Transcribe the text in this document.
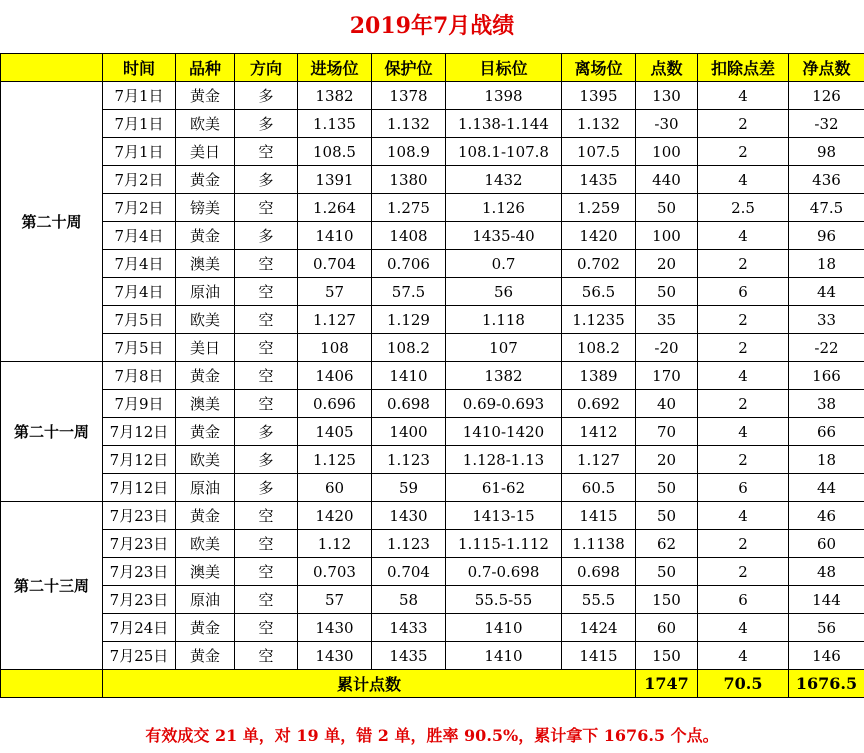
2019年7月战绩
	时间	品种	方向	进场位	保护位	目标位	离场位	点数	扣除点差	净点数
第二十周	7月1日	黄金	多	1382	1378	1398	1395	130	4	126
	7月1日	欧美	多	1.135	1.132	1.138-1.144	1.132	-30	2	-32
	7月1日	美日	空	108.5	108.9	108.1-107.8	107.5	100	2	98
	7月2日	黄金	多	1391	1380	1432	1435	440	4	436
	7月2日	镑美	空	1.264	1.275	1.126	1.259	50	2.5	47.5
	7月4日	黄金	多	1410	1408	1435-40	1420	100	4	96
	7月4日	澳美	空	0.704	0.706	0.7	0.702	20	2	18
	7月4日	原油	空	57	57.5	56	56.5	50	6	44
	7月5日	欧美	空	1.127	1.129	1.118	1.1235	35	2	33
	7月5日	美日	空	108	108.2	107	108.2	-20	2	-22
第二十一周	7月8日	黄金	空	1406	1410	1382	1389	170	4	166
	7月9日	澳美	空	0.696	0.698	0.69-0.693	0.692	40	2	38
	7月12日	黄金	多	1405	1400	1410-1420	1412	70	4	66
	7月12日	欧美	多	1.125	1.123	1.128-1.13	1.127	20	2	18
	7月12日	原油	多	60	59	61-62	60.5	50	6	44
第二十三周	7月23日	黄金	空	1420	1430	1413-15	1415	50	4	46
	7月23日	欧美	空	1.12	1.123	1.115-1.112	1.1138	62	2	60
	7月23日	澳美	空	0.703	0.704	0.7-0.698	0.698	50	2	48
	7月23日	原油	空	57	58	55.5-55	55.5	150	6	144
	7月24日	黄金	空	1430	1433	1410	1424	60	4	56
	7月25日	黄金	空	1430	1435	1410	1415	150	4	146
	累计点数							1747	70.5	1676.5
有效成交 21 单，对 19 单，错 2 单，胜率 90.5%，累计拿下 1676.5 个点。
